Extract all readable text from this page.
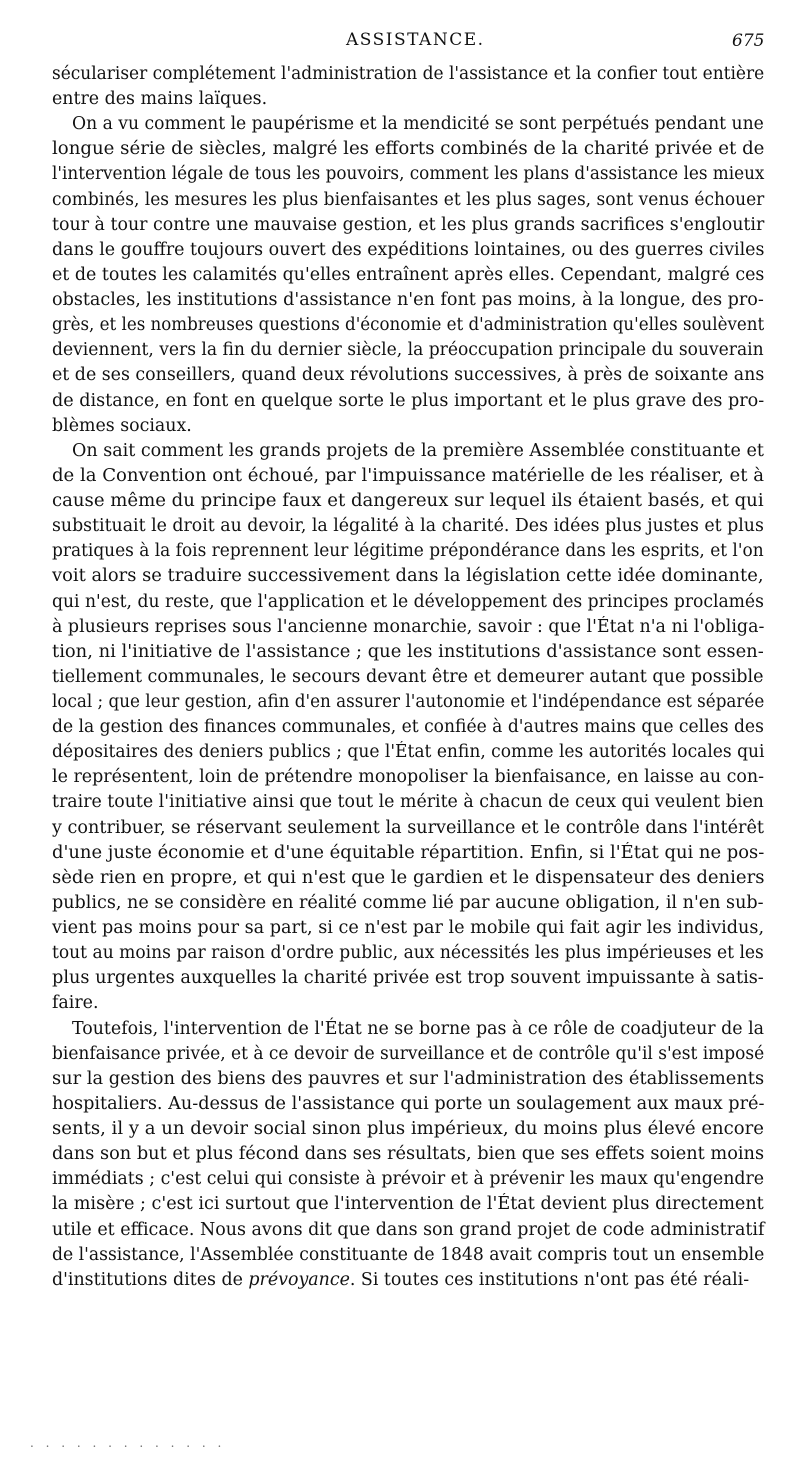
ASSISTANCE.	675
séculariser complétement l'administration de l'assistance et la confier tout entière
entre des mains laïques.
On a vu comment le paupérisme et la mendicité se sont perpétués pendant une
longue série de siècles, malgré les efforts combinés de la charité privée et de
l'intervention légale de tous les pouvoirs, comment les plans d'assistance les mieux
combinés, les mesures les plus bienfaisantes et les plus sages, sont venus échouer
tour à tour contre une mauvaise gestion, et les plus grands sacrifices s'engloutir
dans le gouffre toujours ouvert des expéditions lointaines, ou des guerres civiles
et de toutes les calamités qu'elles entraînent après elles. Cependant, malgré ces
obstacles, les institutions d'assistance n'en font pas moins, à la longue, des pro-
grès, et les nombreuses questions d'économie et d'administration qu'elles soulèvent
deviennent, vers la fin du dernier siècle, la préoccupation principale du souverain
et de ses conseillers, quand deux révolutions successives, à près de soixante ans
de distance, en font en quelque sorte le plus important et le plus grave des pro-
blèmes sociaux.
On sait comment les grands projets de la première Assemblée constituante et
de la Convention ont échoué, par l'impuissance matérielle de les réaliser, et à
cause même du principe faux et dangereux sur lequel ils étaient basés, et qui
substituait le droit au devoir, la légalité à la charité. Des idées plus justes et plus
pratiques à la fois reprennent leur légitime prépondérance dans les esprits, et l'on
voit alors se traduire successivement dans la législation cette idée dominante,
qui n'est, du reste, que l'application et le développement des principes proclamés
à plusieurs reprises sous l'ancienne monarchie, savoir : que l'État n'a ni l'obliga-
tion, ni l'initiative de l'assistance ; que les institutions d'assistance sont essen-
tiellement communales, le secours devant être et demeurer autant que possible
local ; que leur gestion, afin d'en assurer l'autonomie et l'indépendance est séparée
de la gestion des finances communales, et confiée à d'autres mains que celles des
dépositaires des deniers publics ; que l'État enfin, comme les autorités locales qui
le représentent, loin de prétendre monopoliser la bienfaisance, en laisse au con-
traire toute l'initiative ainsi que tout le mérite à chacun de ceux qui veulent bien
y contribuer, se réservant seulement la surveillance et le contrôle dans l'intérêt
d'une juste économie et d'une équitable répartition. Enfin, si l'État qui ne pos-
sède rien en propre, et qui n'est que le gardien et le dispensateur des deniers
publics, ne se considère en réalité comme lié par aucune obligation, il n'en sub-
vient pas moins pour sa part, si ce n'est par le mobile qui fait agir les individus,
tout au moins par raison d'ordre public, aux nécessités les plus impérieuses et les
plus urgentes auxquelles la charité privée est trop souvent impuissante à satis-
faire.
Toutefois, l'intervention de l'État ne se borne pas à ce rôle de coadjuteur de la
bienfaisance privée, et à ce devoir de surveillance et de contrôle qu'il s'est imposé
sur la gestion des biens des pauvres et sur l'administration des établissements
hospitaliers. Au-dessus de l'assistance qui porte un soulagement aux maux pré-
sents, il y a un devoir social sinon plus impérieux, du moins plus élevé encore
dans son but et plus fécond dans ses résultats, bien que ses effets soient moins
immédiats ; c'est celui qui consiste à prévoir et à prévenir les maux qu'engendre
la misère ; c'est ici surtout que l'intervention de l'État devient plus directement
utile et efficace. Nous avons dit que dans son grand projet de code administratif
de l'assistance, l'Assemblée constituante de 1848 avait compris tout un ensemble
d'institutions dites de prévoyance. Si toutes ces institutions n'ont pas été réali-
. . . . . . . . . . . . .
